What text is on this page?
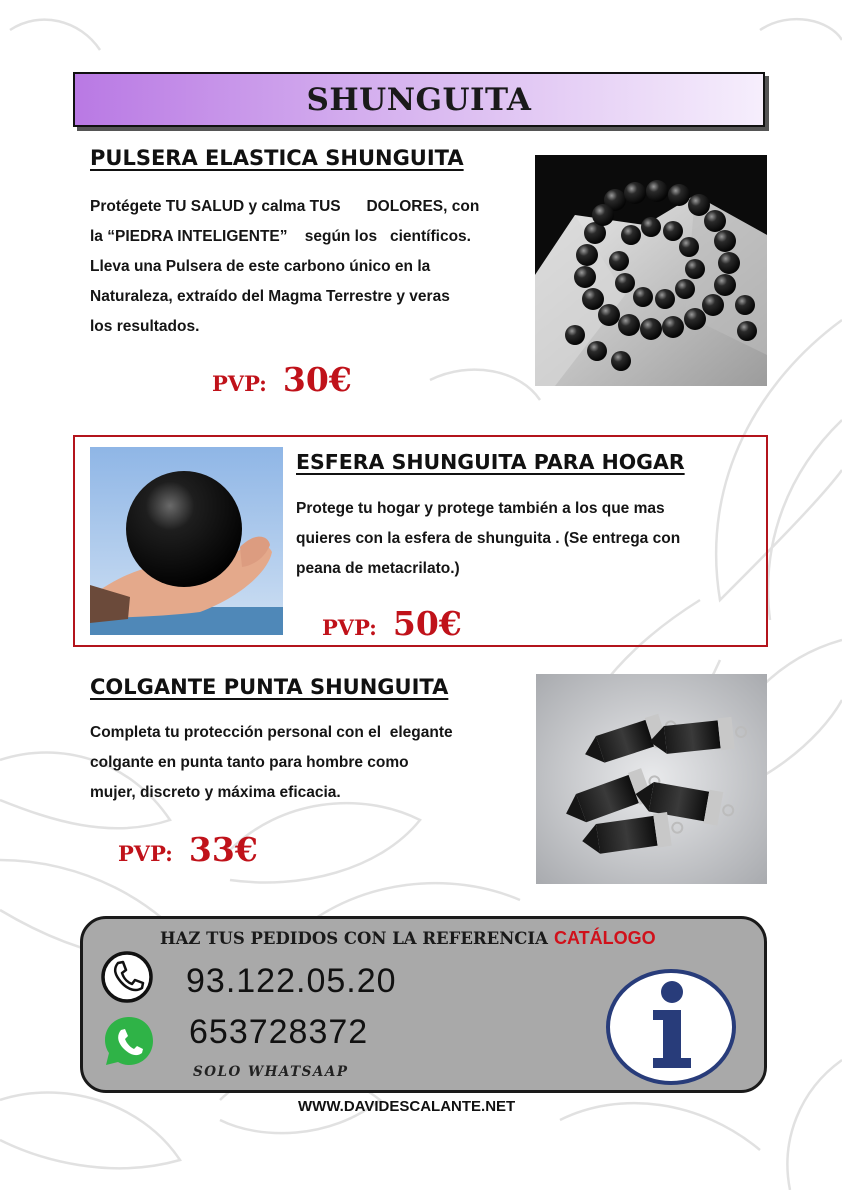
SHUNGUITA
PULSERA ELASTICA SHUNGUITA

Protégete TU SALUD y calma TUS      DOLORES, con

la “PIEDRA INTELIGENTE”    según los   científicos.

Lleva una Pulsera de este carbono único en la

Naturaleza, extraído del Magma Terrestre y veras

los resultados.

PVP: 30€
ESFERA SHUNGUITA PARA HOGAR

Protege tu hogar y protege también a los que mas

quieres con la esfera de shunguita . (Se entrega con

peana de metacrilato.)

PVP: 50€
COLGANTE PUNTA SHUNGUITA

Completa tu protección personal con el  elegante

colgante en punta tanto para hombre como

mujer, discreto y máxima eficacia.

PVP: 33€
HAZ TUS PEDIDOS CON LA REFERENCIA CATÁLOGO
93.122.05.20
653728372
SOLO WHATSAAP
WWW.DAVIDESCALANTE.NET
